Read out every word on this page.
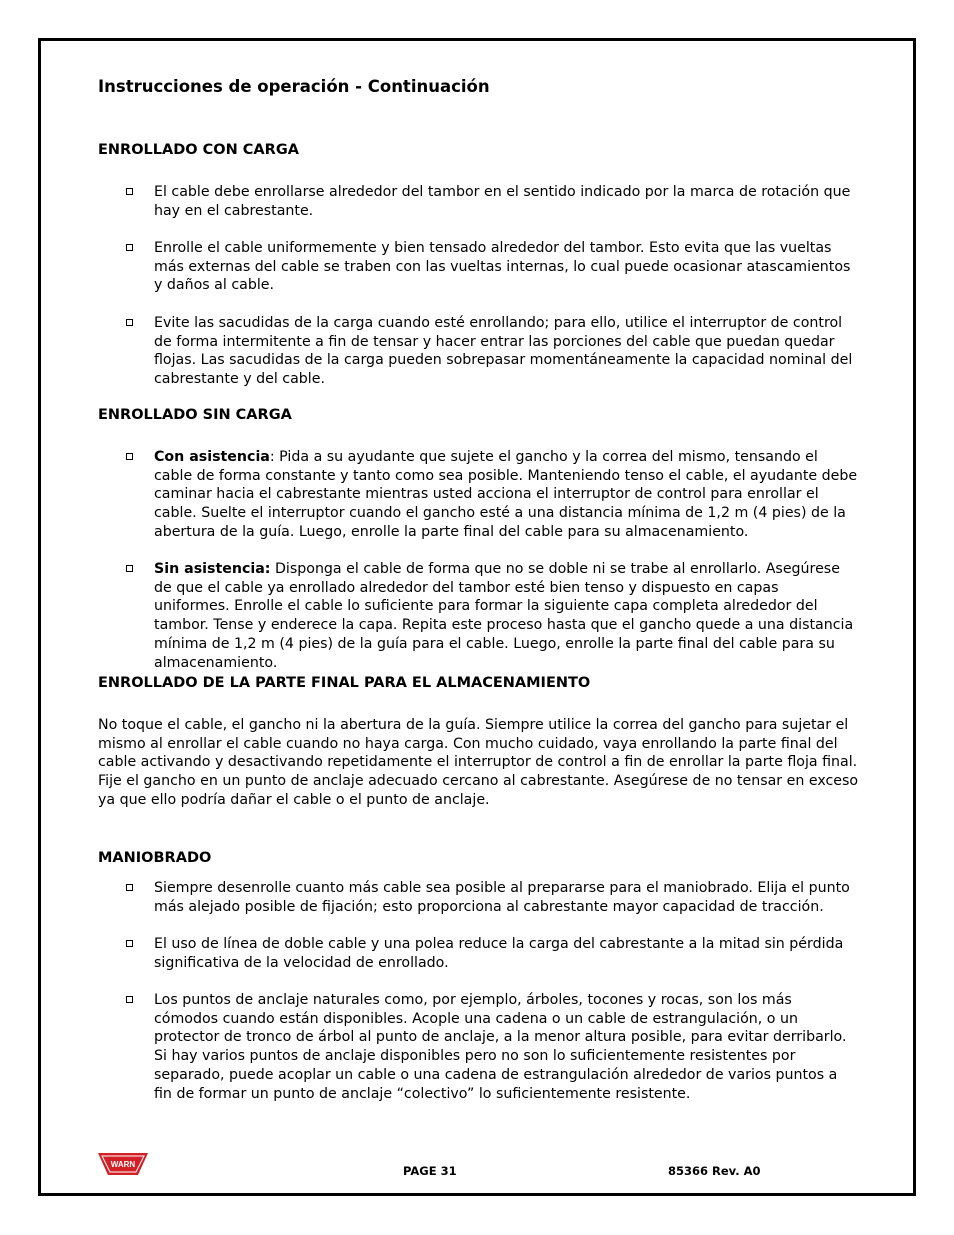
Instrucciones de operación - Continuación
ENROLLADO CON CARGA

El cable debe enrollarse alrededor del tambor en el sentido indicado por la marca de rotación que hay en el cabrestante.

Enrolle el cable uniformemente y bien tensado alrededor del tambor. Esto evita que las vueltas más externas del cable se traben con las vueltas internas, lo cual puede ocasionar atascamientos y daños al cable.

Evite las sacudidas de la carga cuando esté enrollando; para ello, utilice el interruptor de control de forma intermitente a fin de tensar y hacer entrar las porciones del cable que puedan quedar flojas. Las sacudidas de la carga pueden sobrepasar momentáneamente la capacidad nominal del cabrestante y del cable.

ENROLLADO SIN CARGA

Con asistencia: Pida a su ayudante que sujete el gancho y la correa del mismo, tensando el cable de forma constante y tanto como sea posible. Manteniendo tenso el cable, el ayudante debe caminar hacia el cabrestante mientras usted acciona el interruptor de control para enrollar el cable. Suelte el interruptor cuando el gancho esté a una distancia mínima de 1,2 m (4 pies) de la abertura de la guía. Luego, enrolle la parte final del cable para su almacenamiento.

Sin asistencia: Disponga el cable de forma que no se doble ni se trabe al enrollarlo. Asegúrese de que el cable ya enrollado alrededor del tambor esté bien tenso y dispuesto en capas uniformes. Enrolle el cable lo suficiente para formar la siguiente capa completa alrededor del tambor. Tense y enderece la capa. Repita este proceso hasta que el gancho quede a una distancia mínima de 1,2 m (4 pies) de la guía para el cable. Luego, enrolle la parte final del cable para su almacenamiento.

ENROLLADO DE LA PARTE FINAL PARA EL ALMACENAMIENTO

No toque el cable, el gancho ni la abertura de la guía. Siempre utilice la correa del gancho para sujetar el mismo al enrollar el cable cuando no haya carga. Con mucho cuidado, vaya enrollando la parte final del cable activando y desactivando repetidamente el interruptor de control a fin de enrollar la parte floja final. Fije el gancho en un punto de anclaje adecuado cercano al cabrestante. Asegúrese de no tensar en exceso ya que ello podría dañar el cable o el punto de anclaje.

MANIOBRADO

Siempre desenrolle cuanto más cable sea posible al prepararse para el maniobrado. Elija el punto más alejado posible de fijación; esto proporciona al cabrestante mayor capacidad de tracción.

El uso de línea de doble cable y una polea reduce la carga del cabrestante a la mitad sin pérdida significativa de la velocidad de enrollado.

Los puntos de anclaje naturales como, por ejemplo, árboles, tocones y rocas, son los más cómodos cuando están disponibles. Acople una cadena o un cable de estrangulación, o un protector de tronco de árbol al punto de anclaje, a la menor altura posible, para evitar derribarlo. Si hay varios puntos de anclaje disponibles pero no son lo suficientemente resistentes por separado, puede acoplar un cable o una cadena de estrangulación alrededor de varios puntos a fin de formar un punto de anclaje “colectivo” lo suficientemente resistente.

WARN	PAGE 31	85366 Rev. A0
